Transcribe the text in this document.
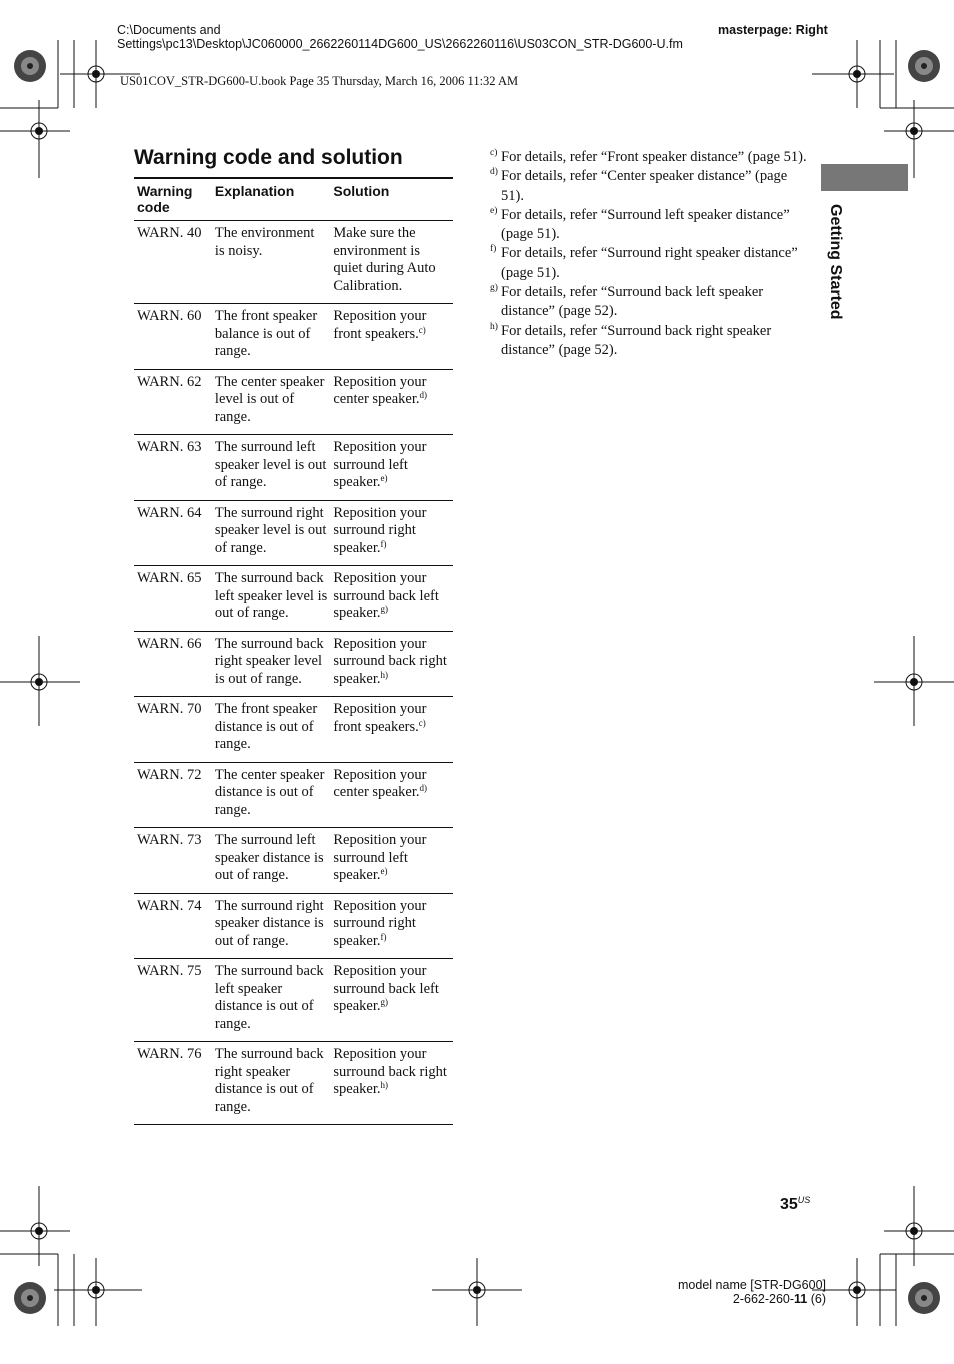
C:\Documents and Settings\pc13\Desktop\JC060000_2662260114DG600_US\2662260116\US03CON_STR-DG600-U.fm
masterpage: Right
US01COV_STR-DG600-U.book Page 35 Thursday, March 16, 2006 11:32 AM
Warning code and solution
Warning code	Explanation	Solution
WARN. 40	The environment is noisy.	Make sure the environment is quiet during Auto Calibration.
WARN. 60	The front speaker balance is out of range.	Reposition your front speakers.$^{c)}$
WARN. 62	The center speaker level is out of range.	Reposition your center speaker.$^{d)}$
WARN. 63	The surround left speaker level is out of range.	Reposition your surround left speaker.$^{e)}$
WARN. 64	The surround right speaker level is out of range.	Reposition your surround right speaker.$^{f)}$
WARN. 65	The surround back left speaker level is out of range.	Reposition your surround back left speaker.$^{g)}$
WARN. 66	The surround back right speaker level is out of range.	Reposition your surround back right speaker.$^{h)}$
WARN. 70	The front speaker distance is out of range.	Reposition your front speakers.$^{c)}$
WARN. 72	The center speaker distance is out of range.	Reposition your center speaker.$^{d)}$
WARN. 73	The surround left speaker distance is out of range.	Reposition your surround left speaker.$^{e)}$
WARN. 74	The surround right speaker distance is out of range.	Reposition your surround right speaker.$^{f)}$
WARN. 75	The surround back left speaker distance is out of range.	Reposition your surround back left speaker.$^{g)}$
WARN. 76	The surround back right speaker distance is out of range.	Reposition your surround back right speaker.$^{h)}$
c) For details, refer “Front speaker distance” (page 51).
d) For details, refer “Center speaker distance” (page 51).
e) For details, refer “Surround left speaker distance” (page 51).
f) For details, refer “Surround right speaker distance” (page 51).
g) For details, refer “Surround back left speaker distance” (page 52).
h) For details, refer “Surround back right speaker distance” (page 52).
Getting Started
$35^{US}$
model name [STR-DG600]
2-662-260-11 (6)
